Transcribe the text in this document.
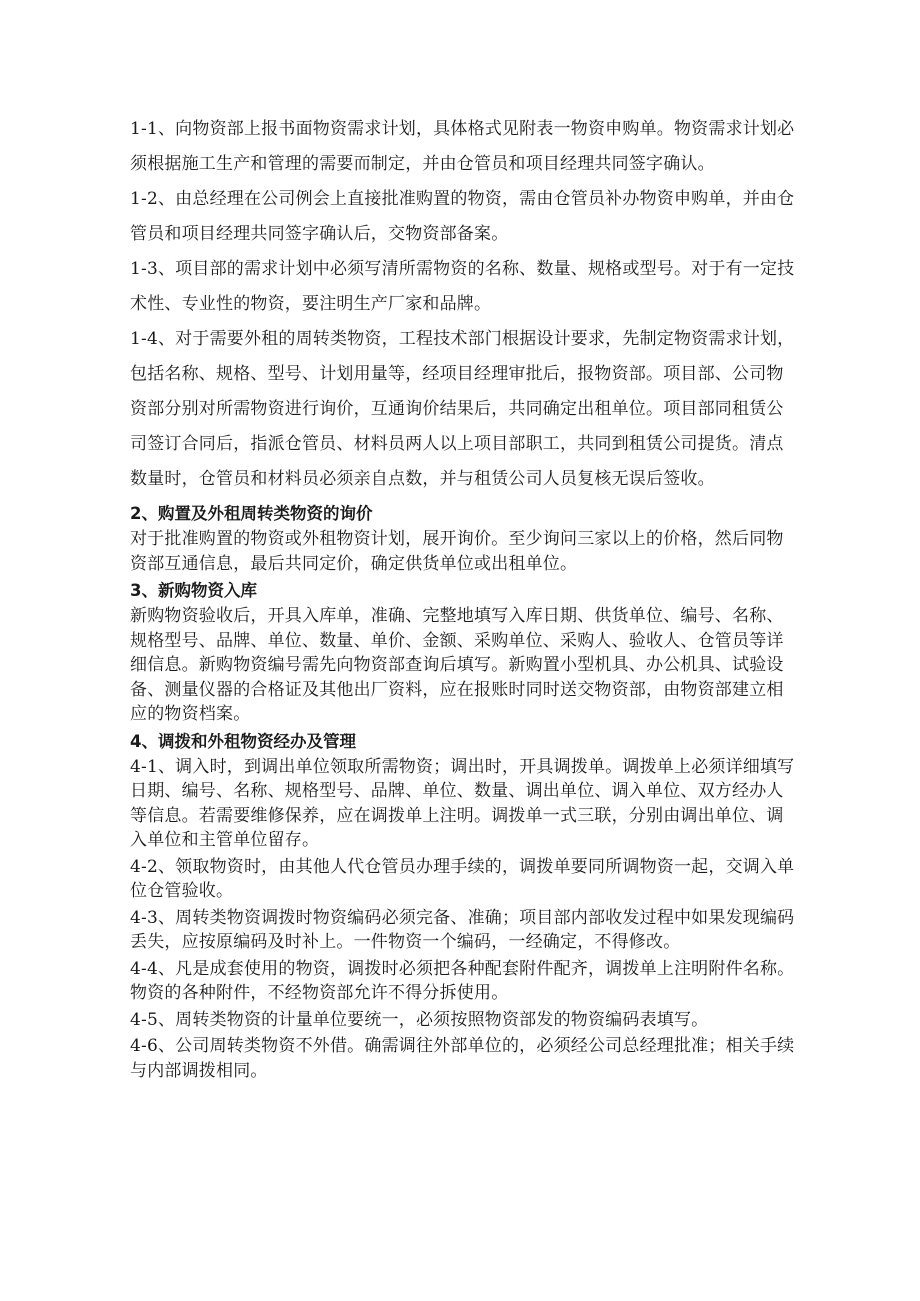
1-1、向物资部上报书面物资需求计划，具体格式见附表一物资申购单。物资需求计划必须根据施工生产和管理的需要而制定，并由仓管员和项目经理共同签字确认。

1-2、由总经理在公司例会上直接批准购置的物资，需由仓管员补办物资申购单，并由仓管员和项目经理共同签字确认后，交物资部备案。

1-3、项目部的需求计划中必须写清所需物资的名称、数量、规格或型号。对于有一定技术性、专业性的物资，要注明生产厂家和品牌。

1-4、对于需要外租的周转类物资，工程技术部门根据设计要求，先制定物资需求计划，包括名称、规格、型号、计划用量等，经项目经理审批后，报物资部。项目部、公司物资部分别对所需物资进行询价，互通询价结果后，共同确定出租单位。项目部同租赁公司签订合同后，指派仓管员、材料员两人以上项目部职工，共同到租赁公司提货。清点数量时，仓管员和材料员必须亲自点数，并与租赁公司人员复核无误后签收。

2、购置及外租周转类物资的询价

对于批准购置的物资或外租物资计划，展开询价。至少询问三家以上的价格，然后同物资部互通信息，最后共同定价，确定供货单位或出租单位。

3、新购物资入库

新购物资验收后，开具入库单，准确、完整地填写入库日期、供货单位、编号、名称、规格型号、品牌、单位、数量、单价、金额、采购单位、采购人、验收人、仓管员等详细信息。新购物资编号需先向物资部查询后填写。新购置小型机具、办公机具、试验设备、测量仪器的合格证及其他出厂资料，应在报账时同时送交物资部，由物资部建立相应的物资档案。

4、调拨和外租物资经办及管理

4-1、调入时，到调出单位领取所需物资；调出时，开具调拨单。调拨单上必须详细填写日期、编号、名称、规格型号、品牌、单位、数量、调出单位、调入单位、双方经办人等信息。若需要维修保养，应在调拨单上注明。调拨单一式三联，分别由调出单位、调入单位和主管单位留存。

4-2、领取物资时，由其他人代仓管员办理手续的，调拨单要同所调物资一起，交调入单位仓管验收。

4-3、周转类物资调拨时物资编码必须完备、准确；项目部内部收发过程中如果发现编码丢失，应按原编码及时补上。一件物资一个编码，一经确定，不得修改。

4-4、凡是成套使用的物资，调拨时必须把各种配套附件配齐，调拨单上注明附件名称。物资的各种附件，不经物资部允许不得分拆使用。

4-5、周转类物资的计量单位要统一，必须按照物资部发的物资编码表填写。

4-6、公司周转类物资不外借。确需调往外部单位的，必须经公司总经理批准；相关手续与内部调拨相同。
